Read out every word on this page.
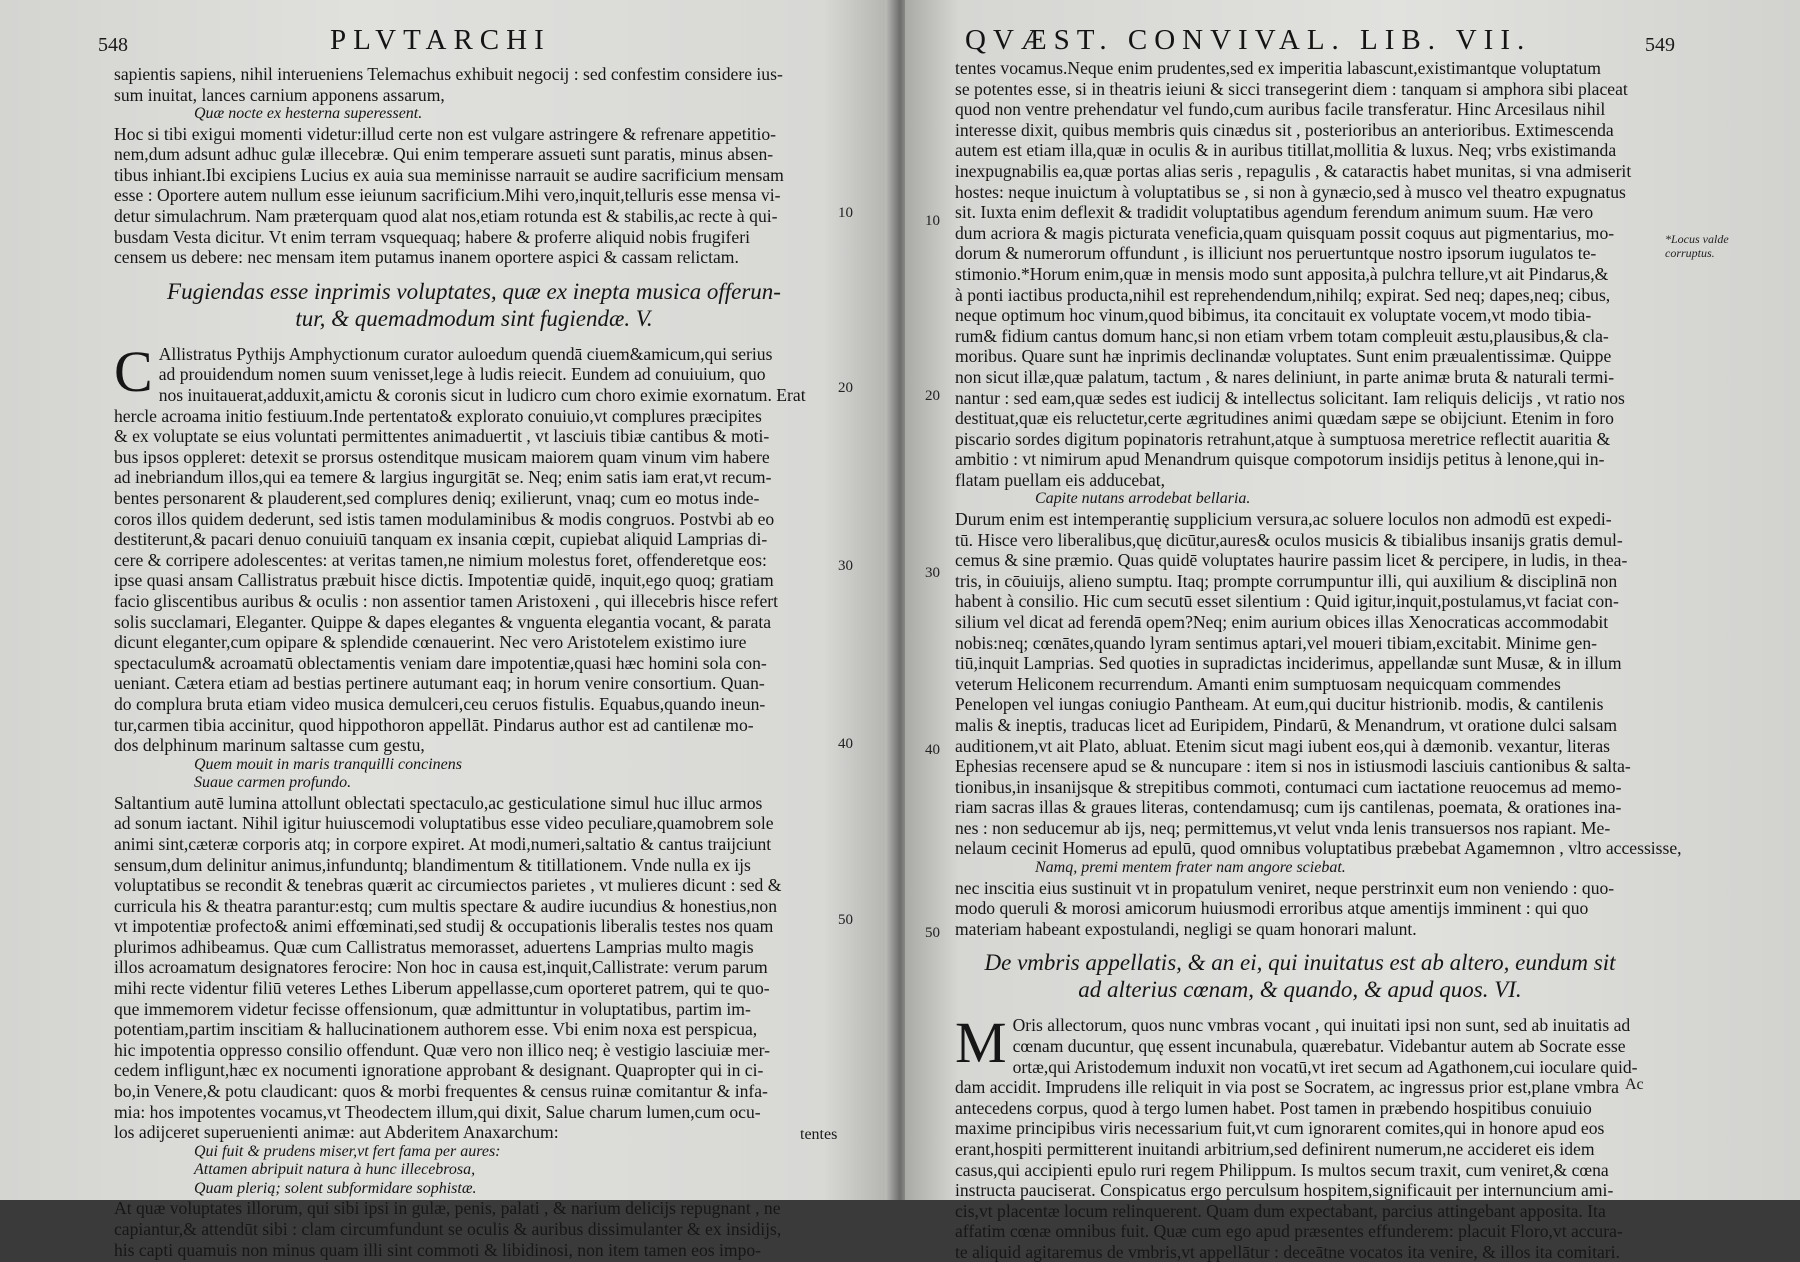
548	PLVTARCHI
sapientis sapiens, nihil interueniens Telemachus exhibuit negocij : sed confestim considere ius-
sum inuitat, lances carnium apponens assarum,
Quæ nocte ex hesterna superessent.
Hoc si tibi exigui momenti videtur:illud certe non est vulgare astringere & refrenare appetitio-
nem,dum adsunt adhuc gulæ illecebræ. Qui enim temperare assueti sunt paratis, minus absen-
tibus inhiant.Ibi excipiens Lucius ex auia sua meminisse narrauit se audire sacrificium mensam
esse : Oportere autem nullum esse ieiunum sacrificium.Mihi vero,inquit,telluris esse mensa vi-
detur simulachrum. Nam præterquam quod alat nos,etiam rotunda est & stabilis,ac recte à qui-
busdam Vesta dicitur. Vt enim terram vsquequaq; habere & proferre aliquid nobis frugiferi
censem us debere: nec mensam item putamus inanem oportere aspici & cassam relictam.
Fugiendas esse inprimis voluptates, quæ ex inepta musica offerun-
tur, & quemadmodum sint fugiendæ. V.
C Allistratus Pythijs Amphyctionum curator auloedum quendā ciuem&amicum,qui serius
ad prouidendum nomen suum venisset,lege à ludis reiecit. Eundem ad conuiuium, quo
nos inuitauerat,adduxit,amictu & coronis sicut in ludicro cum choro eximie exornatum. Erat
hercle acroama initio festiuum.Inde pertentato& explorato conuiuio,vt complures præcipites
& ex voluptate se eius voluntati permittentes animaduertit , vt lasciuis tibiæ cantibus & moti-
bus ipsos oppleret: detexit se prorsus ostenditque musicam maiorem quam vinum vim habere
ad inebriandum illos,qui ea temere & largius ingurgitāt se. Neq; enim satis iam erat,vt recum-
bentes personarent & plauderent,sed complures deniq; exilierunt, vnaq; cum eo motus inde-
coros illos quidem dederunt, sed istis tamen modulaminibus & modis congruos. Postvbi ab eo
destiterunt,& pacari denuo conuiuiū tanquam ex insania cœpit, cupiebat aliquid Lamprias di-
cere & corripere adolescentes: at veritas tamen,ne nimium molestus foret, offenderetque eos:
ipse quasi ansam Callistratus præbuit hisce dictis. Impotentiæ quidē, inquit,ego quoq; gratiam
facio gliscentibus auribus & oculis : non assentior tamen Aristoxeni , qui illecebris hisce refert
solis succlamari, Eleganter. Quippe & dapes elegantes & vnguenta elegantia vocant, & parata
dicunt eleganter,cum opipare & splendide cœnauerint. Nec vero Aristotelem existimo iure
spectaculum& acroamatū oblectamentis veniam dare impotentiæ,quasi hæc homini sola con-
ueniant. Cætera etiam ad bestias pertinere autumant eaq; in horum venire consortium. Quan-
do complura bruta etiam video musica demulceri,ceu ceruos fistulis. Equabus,quando ineun-
tur,carmen tibia accinitur, quod hippothoron appellāt. Pindarus author est ad cantilenæ mo-
dos delphinum marinum saltasse cum gestu,
Quem mouit in maris tranquilli concinens
Suaue carmen profundo.
Saltantium autē lumina attollunt oblectati spectaculo,ac gesticulatione simul huc illuc armos
ad sonum iactant. Nihil igitur huiuscemodi voluptatibus esse video peculiare,quamobrem sole
animi sint,cæteræ corporis atq; in corpore expiret. At modi,numeri,saltatio & cantus traijciunt
sensum,dum delinitur animus,infunduntq; blandimentum & titillationem. Vnde nulla ex ijs
voluptatibus se recondit & tenebras quærit ac circumiectos parietes , vt mulieres dicunt : sed &
curricula his & theatra parantur:estq; cum multis spectare & audire iucundius & honestius,non
vt impotentiæ profecto& animi effœminati,sed studij & occupationis liberalis testes nos quam
plurimos adhibeamus. Quæ cum Callistratus memorasset, aduertens Lamprias multo magis
illos acroamatum designatores ferocire: Non hoc in causa est,inquit,Callistrate: verum parum
mihi recte videntur filiū veteres Lethes Liberum appellasse,cum oporteret patrem, qui te quo-
que immemorem videtur fecisse offensionum, quæ admittuntur in voluptatibus, partim im-
potentiam,partim inscitiam & hallucinationem authorem esse. Vbi enim noxa est perspicua,
hic impotentia oppresso consilio offendunt. Quæ vero non illico neq; è vestigio lasciuiæ mer-
cedem infligunt,hæc ex nocumenti ignoratione approbant & designant. Quapropter qui in ci-
bo,in Venere,& potu claudicant: quos & morbi frequentes & census ruinæ comitantur & infa-
mia: hos impotentes vocamus,vt Theodectem illum,qui dixit, Salue charum lumen,cum ocu-
los adijceret superuenienti animæ: aut Abderitem Anaxarchum:
Qui fuit & prudens miser,vt fert fama per aures:
Attamen abripuit natura à hunc illecebrosa,
Quam plerią; solent subformidare sophistæ.
At quæ voluptates illorum, qui sibi ipsi in gulæ, penis, palati , & narium delicijs repugnant , ne
capiantur,& attendūt sibi : clam circumfundunt se oculis & auribus dissimulanter & ex insidijs,
his capti quamuis non minus quam illi sint commoti & libidinosi, non item tamen eos impo-
tentes
10
20
30
40
50
QVÆST. CONVIVAL. LIB. VII.	549
tentes vocamus.Neque enim prudentes,sed ex imperitia labascunt,existimantque voluptatum
se potentes esse, si in theatris ieiuni & sicci transegerint diem : tanquam si amphora sibi placeat
quod non ventre prehendatur vel fundo,cum auribus facile transferatur. Hinc Arcesilaus nihil
interesse dixit, quibus membris quis cinædus sit , posterioribus an anterioribus. Extimescenda
autem est etiam illa,quæ in oculis & in auribus titillat,mollitia & luxus. Neq; vrbs existimanda
inexpugnabilis ea,quæ portas alias seris , repagulis , & cataractis habet munitas, si vna admiserit
hostes: neque inuictum à voluptatibus se , si non à gynæcio,sed à musco vel theatro expugnatus
sit. Iuxta enim deflexit & tradidit voluptatibus agendum ferendum animum suum. Hæ vero
dum acriora & magis picturata veneficia,quam quisquam possit coquus aut pigmentarius, mo-
dorum & numerorum offundunt , is illiciunt nos peruertuntque nostro ipsorum iugulatos te-
stimonio.*Horum enim,quæ in mensis modo sunt apposita,à pulchra tellure,vt ait Pindarus,&
à ponti iactibus producta,nihil est reprehendendum,nihilq; expirat. Sed neq; dapes,neq; cibus,
neque optimum hoc vinum,quod bibimus, ita concitauit ex voluptate vocem,vt modo tibia-
rum& fidium cantus domum hanc,si non etiam vrbem totam compleuit æstu,plausibus,& cla-
moribus. Quare sunt hæ inprimis declinandæ voluptates. Sunt enim præualentissimæ. Quippe
non sicut illæ,quæ palatum, tactum , & nares deliniunt, in parte animæ bruta & naturali termi-
nantur : sed eam,quæ sedes est iudicij & intellectus solicitant. Iam reliquis delicijs , vt ratio nos
destituat,quæ eis reluctetur,certe ægritudines animi quædam sæpe se obijciunt. Etenim in foro
piscario sordes digitum popinatoris retrahunt,atque à sumptuosa meretrice reflectit auaritia &
ambitio : vt nimirum apud Menandrum quisque compotorum insidijs petitus à lenone,qui in-
flatam puellam eis adducebat,
Capite nutans arrodebat bellaria.
Durum enim est intemperantię supplicium versura,ac soluere loculos non admodū est expedi-
tū. Hisce vero liberalibus,quę dicūtur,aures& oculos musicis & tibialibus insanijs gratis demul-
cemus & sine præmio. Quas quidē voluptates haurire passim licet & percipere, in ludis, in thea-
tris, in cōuiuijs, alieno sumptu. Itaq; prompte corrumpuntur illi, qui auxilium & disciplinā non
habent à consilio. Hic cum secutū esset silentium : Quid igitur,inquit,postulamus,vt faciat con-
silium vel dicat ad ferendā opem?Neq; enim aurium obices illas Xenocraticas accommodabit
nobis:neq; cœnātes,quando lyram sentimus aptari,vel moueri tibiam,excitabit. Minime gen-
tiū,inquit Lamprias. Sed quoties in supradictas inciderimus, appellandæ sunt Musæ, & in illum
veterum Heliconem recurrendum. Amanti enim sumptuosam nequicquam commendes
Penelopen vel iungas coniugio Pantheam. At eum,qui ducitur histrionib. modis, & cantilenis
malis & ineptis, traducas licet ad Euripidem, Pindarū, & Menandrum, vt oratione dulci salsam
auditionem,vt ait Plato, abluat. Etenim sicut magi iubent eos,qui à dæmonib. vexantur, literas
Ephesias recensere apud se & nuncupare : item si nos in istiusmodi lasciuis cantionibus & salta-
tionibus,in insanijsque & strepitibus commoti, contumaci cum iactatione reuocemus ad memo-
riam sacras illas & graues literas, contendamusq; cum ijs cantilenas, poemata, & orationes ina-
nes : non seducemur ab ijs, neq; permittemus,vt velut vnda lenis transuersos nos rapiant. Me-
nelaum cecinit Homerus ad epulū, quod omnibus voluptatibus præbebat Agamemnon , vltro accessisse,
Namq, premi mentem frater nam angore sciebat.
nec inscitia eius sustinuit vt in propatulum veniret, neque perstrinxit eum non veniendo : quo-
modo queruli & morosi amicorum huiusmodi erroribus atque amentijs imminent : qui quo
materiam habeant expostulandi, negligi se quam honorari malunt.
De vmbris appellatis, & an ei, qui inuitatus est ab altero, eundum sit
ad alterius cœnam, & quando, & apud quos. VI.
M Oris allectorum, quos nunc vmbras vocant , qui inuitati ipsi non sunt, sed ab inuitatis ad
cœnam ducuntur, quę essent incunabula, quærebatur. Videbantur autem ab Socrate esse
ortæ,qui Aristodemum induxit non vocatū,vt iret secum ad Agathonem,cui ioculare quid-
dam accidit. Imprudens ille reliquit in via post se Socratem, ac ingressus prior est,plane vmbra
antecedens corpus, quod à tergo lumen habet. Post tamen in præbendo hospitibus conuiuio
maxime principibus viris necessarium fuit,vt cum ignorarent comites,qui in honore apud eos
erant,hospiti permitterent inuitandi arbitrium,sed definirent numerum,ne accideret eis idem
casus,qui accipienti epulo ruri regem Philippum. Is multos secum traxit, cum veniret,& cœna
instructa pauciserat. Conspicatus ergo perculsum hospitem,significauit per internuncium ami-
cis,vt placentæ locum relinquerent. Quam dum expectabant, parcius attingebant apposita. Ita
affatim cœnæ omnibus fuit. Quæ cum ego apud præsentes effunderem: placuit Floro,vt accura-
te aliquid agitaremus de vmbris,vt appellātur : deceātne vocatos ita venire, & illos ita comitari.
Ac
10
20
30
40
50
*Locus valde
corruptus.
